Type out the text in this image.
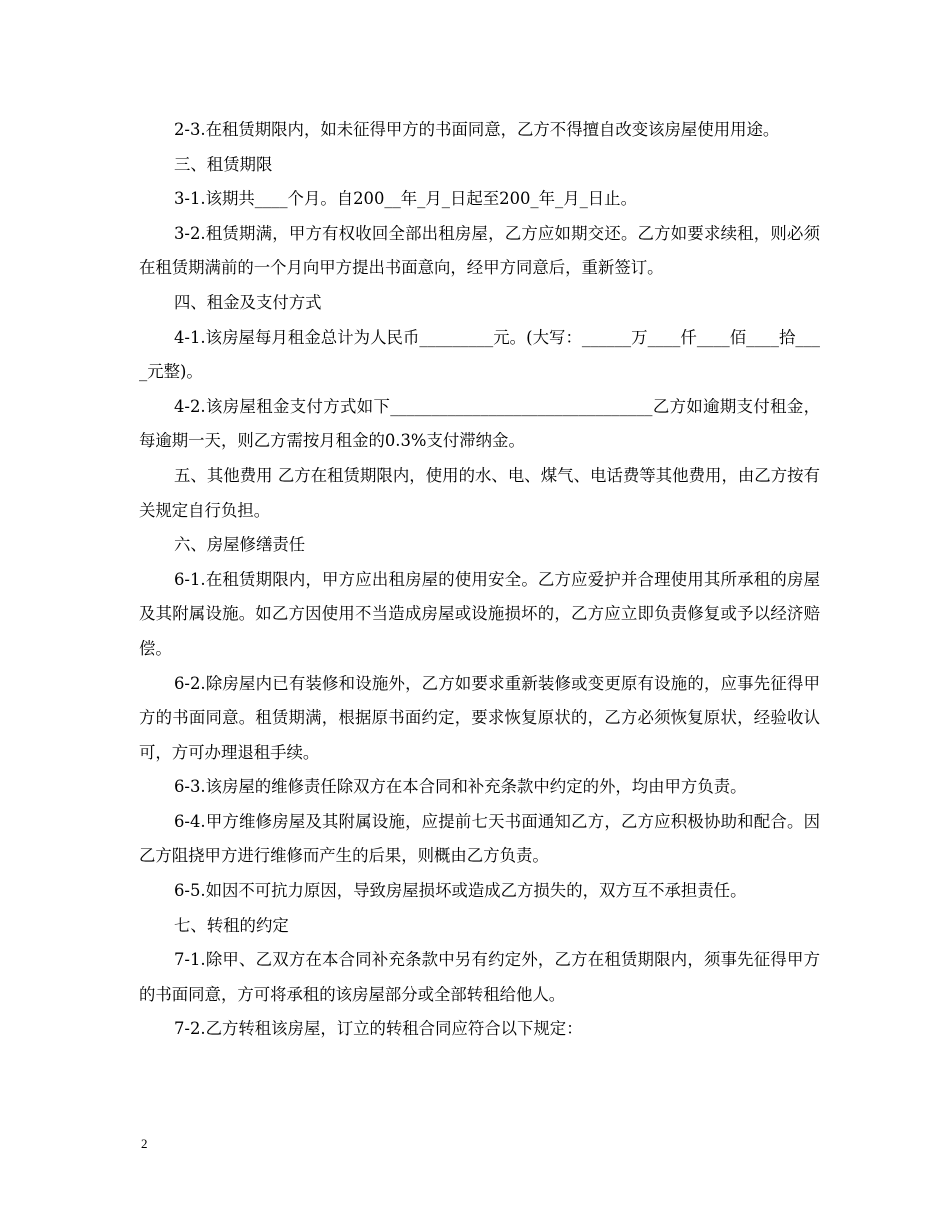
2-3.在租赁期限内，如未征得甲方的书面同意，乙方不得擅自改变该房屋使用用途。

三、租赁期限

3-1.该期共____个月。自200__年_月_日起至200_年_月_日止。

3-2.租赁期满，甲方有权收回全部出租房屋，乙方应如期交还。乙方如要求续租，则必须在租赁期满前的一个月向甲方提出书面意向，经甲方同意后，重新签订。

四、租金及支付方式

4-1.该房屋每月租金总计为人民币_________元。(大写：______万____仟____佰____拾____元整)。

4-2.该房屋租金支付方式如下________________________________乙方如逾期支付租金，每逾期一天，则乙方需按月租金的0.3%支付滞纳金。

五、其他费用 乙方在租赁期限内，使用的水、电、煤气、电话费等其他费用，由乙方按有关规定自行负担。

六、房屋修缮责任

6-1.在租赁期限内，甲方应出租房屋的使用安全。乙方应爱护并合理使用其所承租的房屋及其附属设施。如乙方因使用不当造成房屋或设施损坏的，乙方应立即负责修复或予以经济赔偿。

6-2.除房屋内已有装修和设施外，乙方如要求重新装修或变更原有设施的，应事先征得甲方的书面同意。租赁期满，根据原书面约定，要求恢复原状的，乙方必须恢复原状，经验收认可，方可办理退租手续。

6-3.该房屋的维修责任除双方在本合同和补充条款中约定的外，均由甲方负责。

6-4.甲方维修房屋及其附属设施，应提前七天书面通知乙方，乙方应积极协助和配合。因乙方阻挠甲方进行维修而产生的后果，则概由乙方负责。

6-5.如因不可抗力原因，导致房屋损坏或造成乙方损失的，双方互不承担责任。

七、转租的约定

7-1.除甲、乙双方在本合同补充条款中另有约定外，乙方在租赁期限内，须事先征得甲方的书面同意，方可将承租的该房屋部分或全部转租给他人。

7-2.乙方转租该房屋，订立的转租合同应符合以下规定：

2
